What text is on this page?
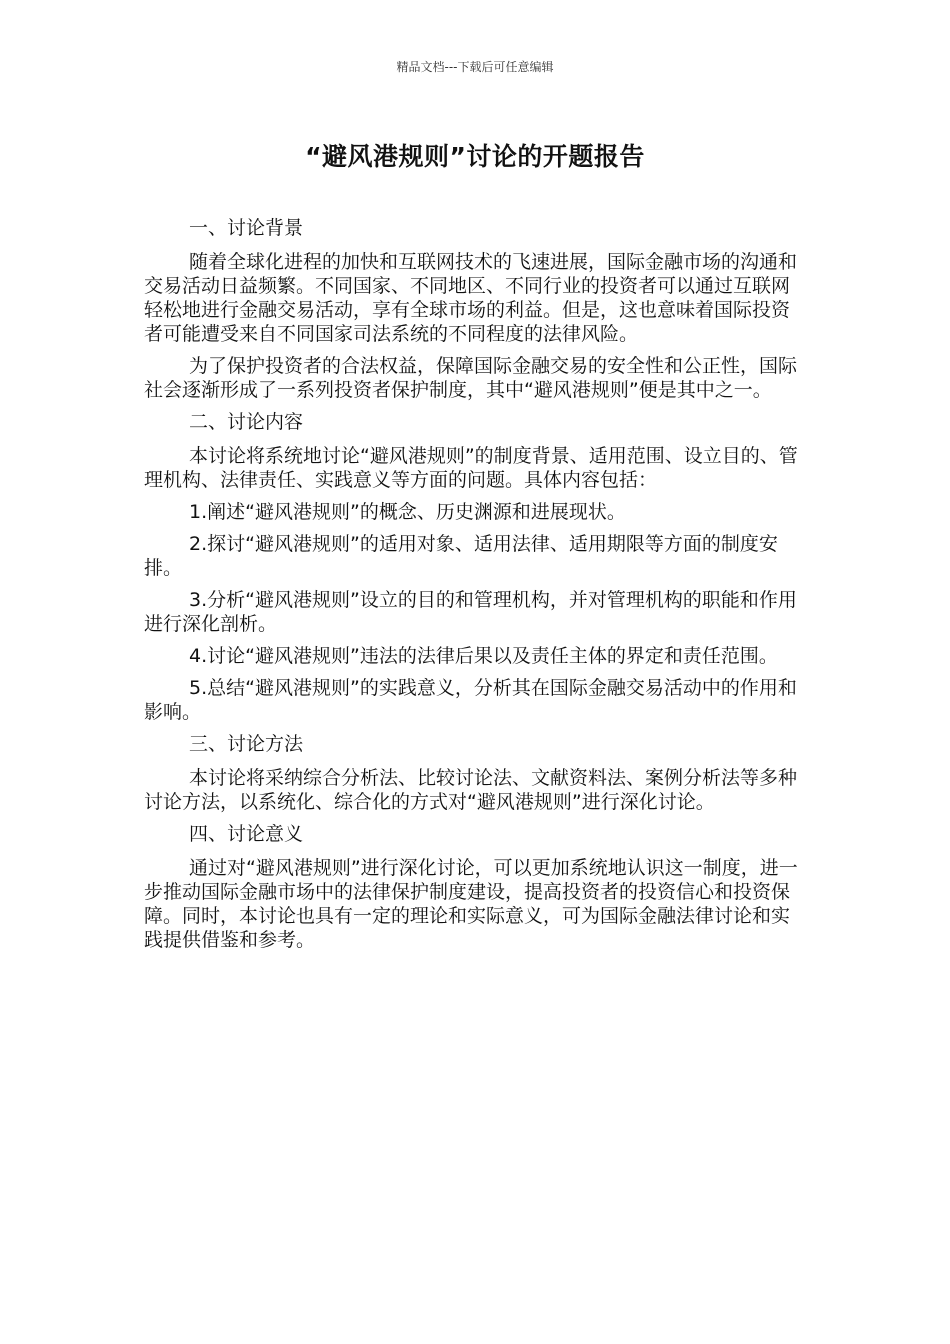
精品文档---下载后可任意编辑
“避风港规则”讨论的开题报告

一、讨论背景

随着全球化进程的加快和互联网技术的飞速进展，国际金融市场的沟通和交易活动日益频繁。不同国家、不同地区、不同行业的投资者可以通过互联网轻松地进行金融交易活动，享有全球市场的利益。但是，这也意味着国际投资者可能遭受来自不同国家司法系统的不同程度的法律风险。

为了保护投资者的合法权益，保障国际金融交易的安全性和公正性，国际社会逐渐形成了一系列投资者保护制度，其中“避风港规则”便是其中之一。

二、讨论内容

本讨论将系统地讨论“避风港规则”的制度背景、适用范围、设立目的、管理机构、法律责任、实践意义等方面的问题。具体内容包括：

1.阐述“避风港规则”的概念、历史渊源和进展现状。

2.探讨“避风港规则”的适用对象、适用法律、适用期限等方面的制度安排。

3.分析“避风港规则”设立的目的和管理机构，并对管理机构的职能和作用进行深化剖析。

4.讨论“避风港规则”违法的法律后果以及责任主体的界定和责任范围。

5.总结“避风港规则”的实践意义，分析其在国际金融交易活动中的作用和影响。

三、讨论方法

本讨论将采纳综合分析法、比较讨论法、文献资料法、案例分析法等多种讨论方法，以系统化、综合化的方式对“避风港规则”进行深化讨论。

四、讨论意义

通过对“避风港规则”进行深化讨论，可以更加系统地认识这一制度，进一步推动国际金融市场中的法律保护制度建设，提高投资者的投资信心和投资保障。同时，本讨论也具有一定的理论和实际意义，可为国际金融法律讨论和实践提供借鉴和参考。
